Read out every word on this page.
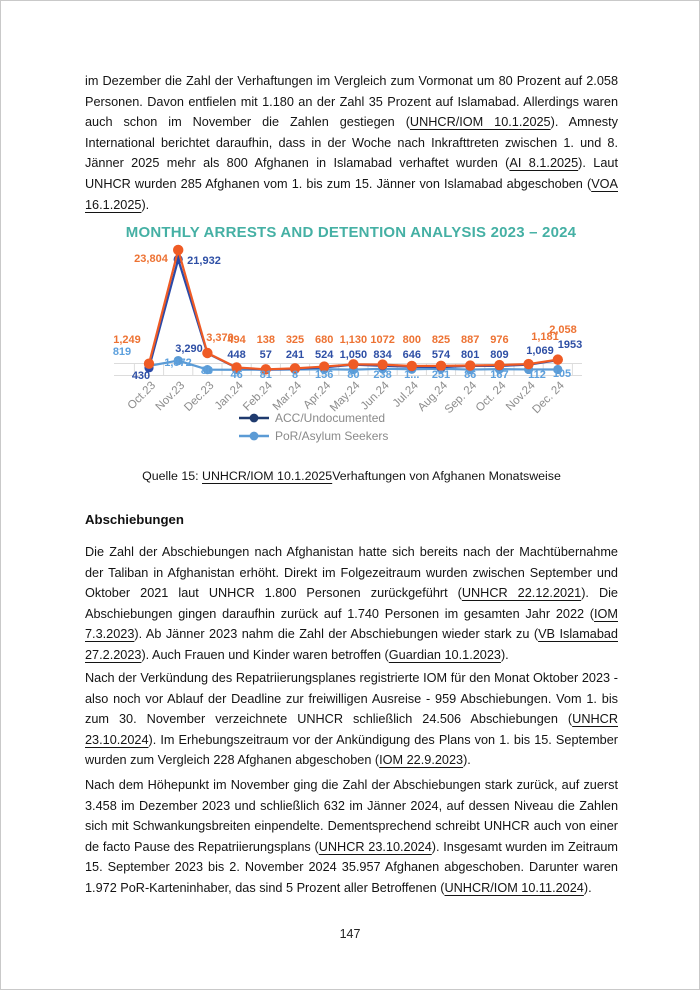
im Dezember die Zahl der Verhaftungen im Vergleich zum Vormonat um 80 Prozent auf 2.058 Personen. Davon entfielen mit 1.180 an der Zahl 35 Prozent auf Islamabad. Allerdings waren auch schon im November die Zahlen gestiegen (UNHCR/IOM 10.1.2025). Amnesty International berichtet daraufhin, dass in der Woche nach Inkrafttreten zwischen 1. und 8. Jänner 2025 mehr als 800 Afghanen in Islamabad verhaftet wurden (AI 8.1.2025). Laut UNHCR wurden 285 Afghanen vom 1. bis zum 15. Jänner von Islamabad abgeschoben (VOA 16.1.2025).

MONTHLY ARRESTS AND DETENTION ANALYSIS 2023 – 2024
1,249
23,804
3,370
494 138 325 680 1,130 1072 800 825 887 976 1,181
2,058
430
21,932
3,290 448 57 241 524 1,050 834 646 574 801 809 1,069 1953
819
1,872
80 46 81 8 156 80 238 1... 251 86 167 112 105
Oct.23
Nov.23
Dec.23
Jan.24
Feb.24
Mar.24
Apr.24
May.24
Jun.24 Jul.24
Aug.24
Sep. 24
Oct. 24
Nov.24
Dec. 24
ACC/Undocumented
PoR/Asylum Seekers

Quelle 15: UNHCR/IOM 10.1.2025Verhaftungen von Afghanen Monatsweise

Abschiebungen

Die Zahl der Abschiebungen nach Afghanistan hatte sich bereits nach der Machtübernahme der Taliban in Afghanistan erhöht. Direkt im Folgezeitraum wurden zwischen September und Oktober 2021 laut UNHCR 1.800 Personen zurückgeführt (UNHCR 22.12.2021). Die Abschiebungen gingen daraufhin zurück auf 1.740 Personen im gesamten Jahr 2022 (IOM 7.3.2023). Ab Jänner 2023 nahm die Zahl der Abschiebungen wieder stark zu (VB Islamabad 27.2.2023). Auch Frauen und Kinder waren betroffen (Guardian 10.1.2023).

Nach der Verkündung des Repatriierungsplanes registrierte IOM für den Monat Oktober 2023 - also noch vor Ablauf der Deadline zur freiwilligen Ausreise - 959 Abschiebungen. Vom 1. bis zum 30. November verzeichnete UNHCR schließlich 24.506 Abschiebungen (UNHCR 23.10.2024). Im Erhebungszeitraum vor der Ankündigung des Plans von 1. bis 15. September wurden zum Vergleich 228 Afghanen abgeschoben (IOM 22.9.2023).

Nach dem Höhepunkt im November ging die Zahl der Abschiebungen stark zurück, auf zuerst 3.458 im Dezember 2023 und schließlich 632 im Jänner 2024, auf dessen Niveau die Zahlen sich mit Schwankungsbreiten einpendelte. Dementsprechend schreibt UNHCR auch von einer de facto Pause des Repatriierungsplans (UNHCR 23.10.2024). Insgesamt wurden im Zeitraum 15. September 2023 bis 2. November 2024 35.957 Afghanen abgeschoben. Darunter waren 1.972 PoR-Karteninhaber, das sind 5 Prozent aller Betroffenen (UNHCR/IOM 10.11.2024).

147
